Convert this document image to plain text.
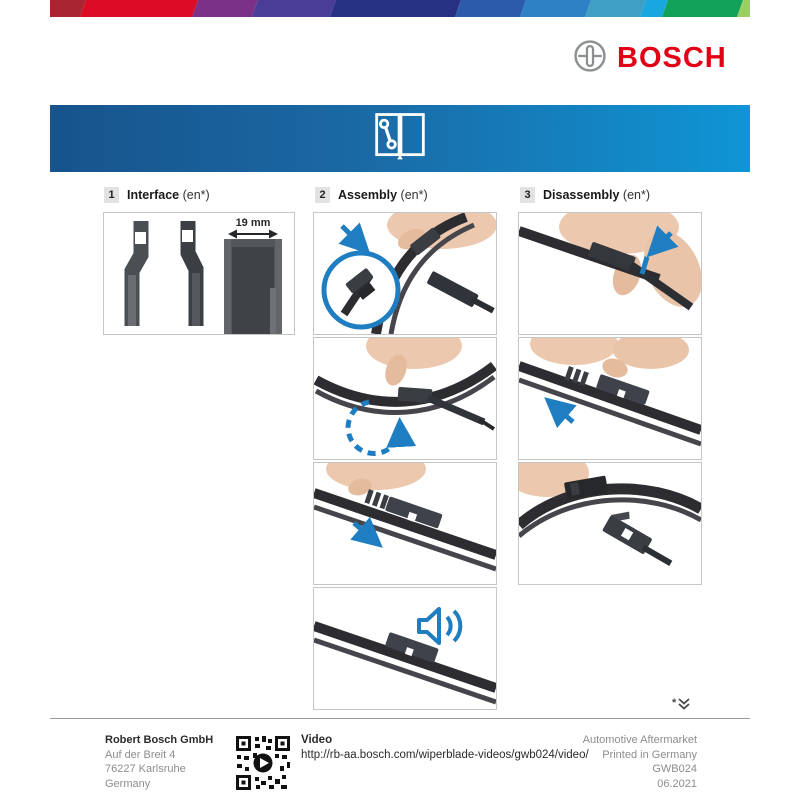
BOSCH
1 Interface (en*)	2 Assembly (en*)	3 Disassembly (en*)
19 mm
*
Robert Bosch GmbH
Auf der Breit 4
76227 Karlsruhe
Germany
Video
http://rb-aa.bosch.com/wiperblade-videos/gwb024/video/
Automotive Aftermarket
Printed in Germany
GWB024
06.2021
